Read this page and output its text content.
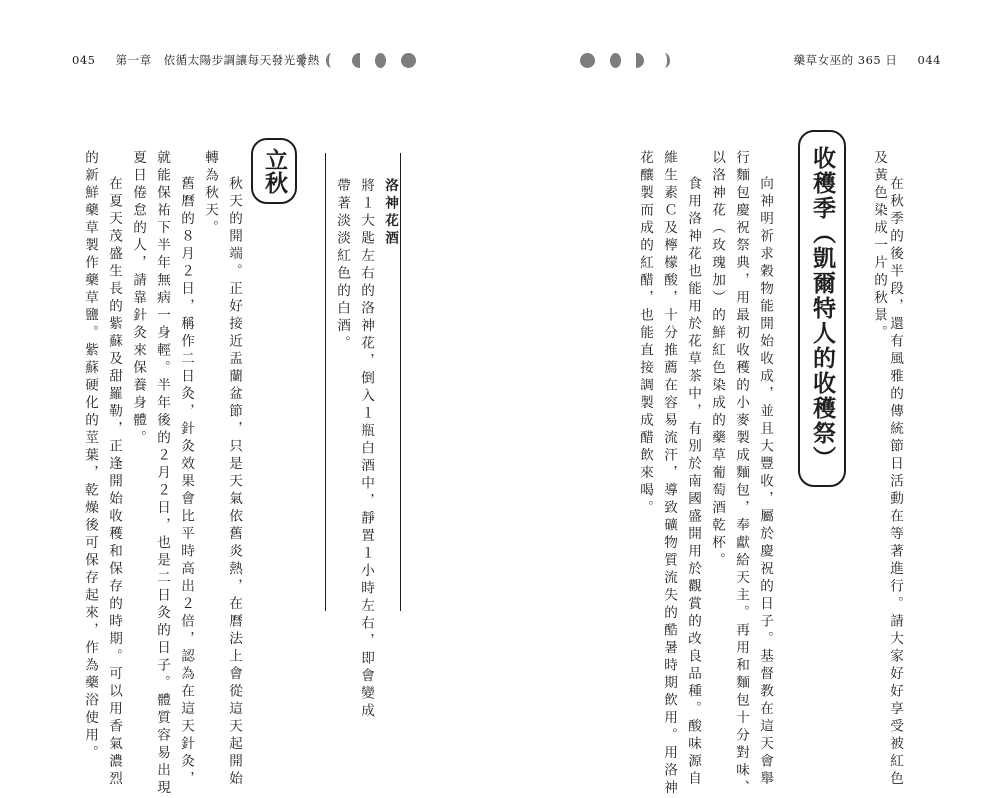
045 第一章　依循太陽步調讓每天發光發熱	藥草女巫的 365 日 044

在秋季的後半段，還有風雅的傳統節日活動在等著進行。請大家好好享受被紅色

及黃色染成一片的秋景。

收穫季（凱爾特人的收穫祭）

向神明祈求穀物能開始收成，並且大豐收，屬於慶祝的日子。基督教在這天會舉

行麵包慶祝祭典，用最初收穫的小麥製成麵包，奉獻給天主。再用和麵包十分對味、

以洛神花（玫瑰加）的鮮紅色染成的藥草葡萄酒乾杯。

食用洛神花也能用於花草茶中，有別於南國盛開用於觀賞的改良品種。酸味源自

維生素Ｃ及檸檬酸，十分推薦在容易流汗，導致礦物質流失的酷暑時期飲用。用洛神

花釀製而成的紅醋，也能直接調製成醋飲來喝。

洛神花酒

將１大匙左右的洛神花，倒入１瓶白酒中，靜置１小時左右，即會變成

帶著淡淡紅色的白酒。

立秋

秋天的開端。正好接近盂蘭盆節，只是天氣依舊炎熱，在曆法上會從這天起開始

轉為秋天。

舊曆的８月２日，稱作二日灸，針灸效果會比平時高出２倍，認為在這天針灸，

就能保祐下半年無病一身輕。半年後的２月２日，也是二日灸的日子。體質容易出現

夏日倦怠的人，請靠針灸來保養身體。

在夏天茂盛生長的紫蘇及甜羅勒，正逢開始收穫和保存的時期。可以用香氣濃烈

的新鮮藥草製作藥草鹽。紫蘇硬化的莖葉，乾燥後可保存起來，作為藥浴使用。
